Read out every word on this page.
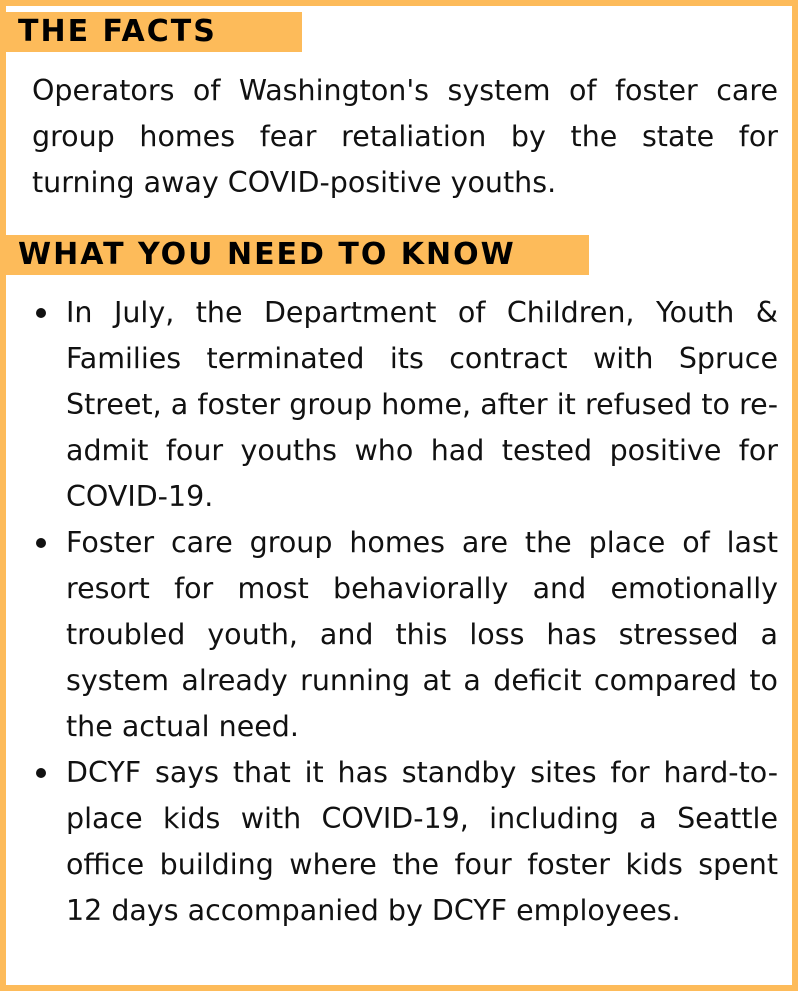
THE FACTS
Operators of Washington's system of foster care group homes fear retaliation by the state for turning away COVID-positive youths.
WHAT YOU NEED TO KNOW
In July, the Department of Children, Youth & Families terminated its contract with Spruce Street, a foster group home, after it refused to re-admit four youths who had tested positive for COVID-19.
Foster care group homes are the place of last resort for most behaviorally and emotionally troubled youth, and this loss has stressed a system already running at a deficit compared to the actual need.
DCYF says that it has standby sites for hard-to-place kids with COVID-19, including a Seattle office building where the four foster kids spent 12 days accompanied by DCYF employees.
